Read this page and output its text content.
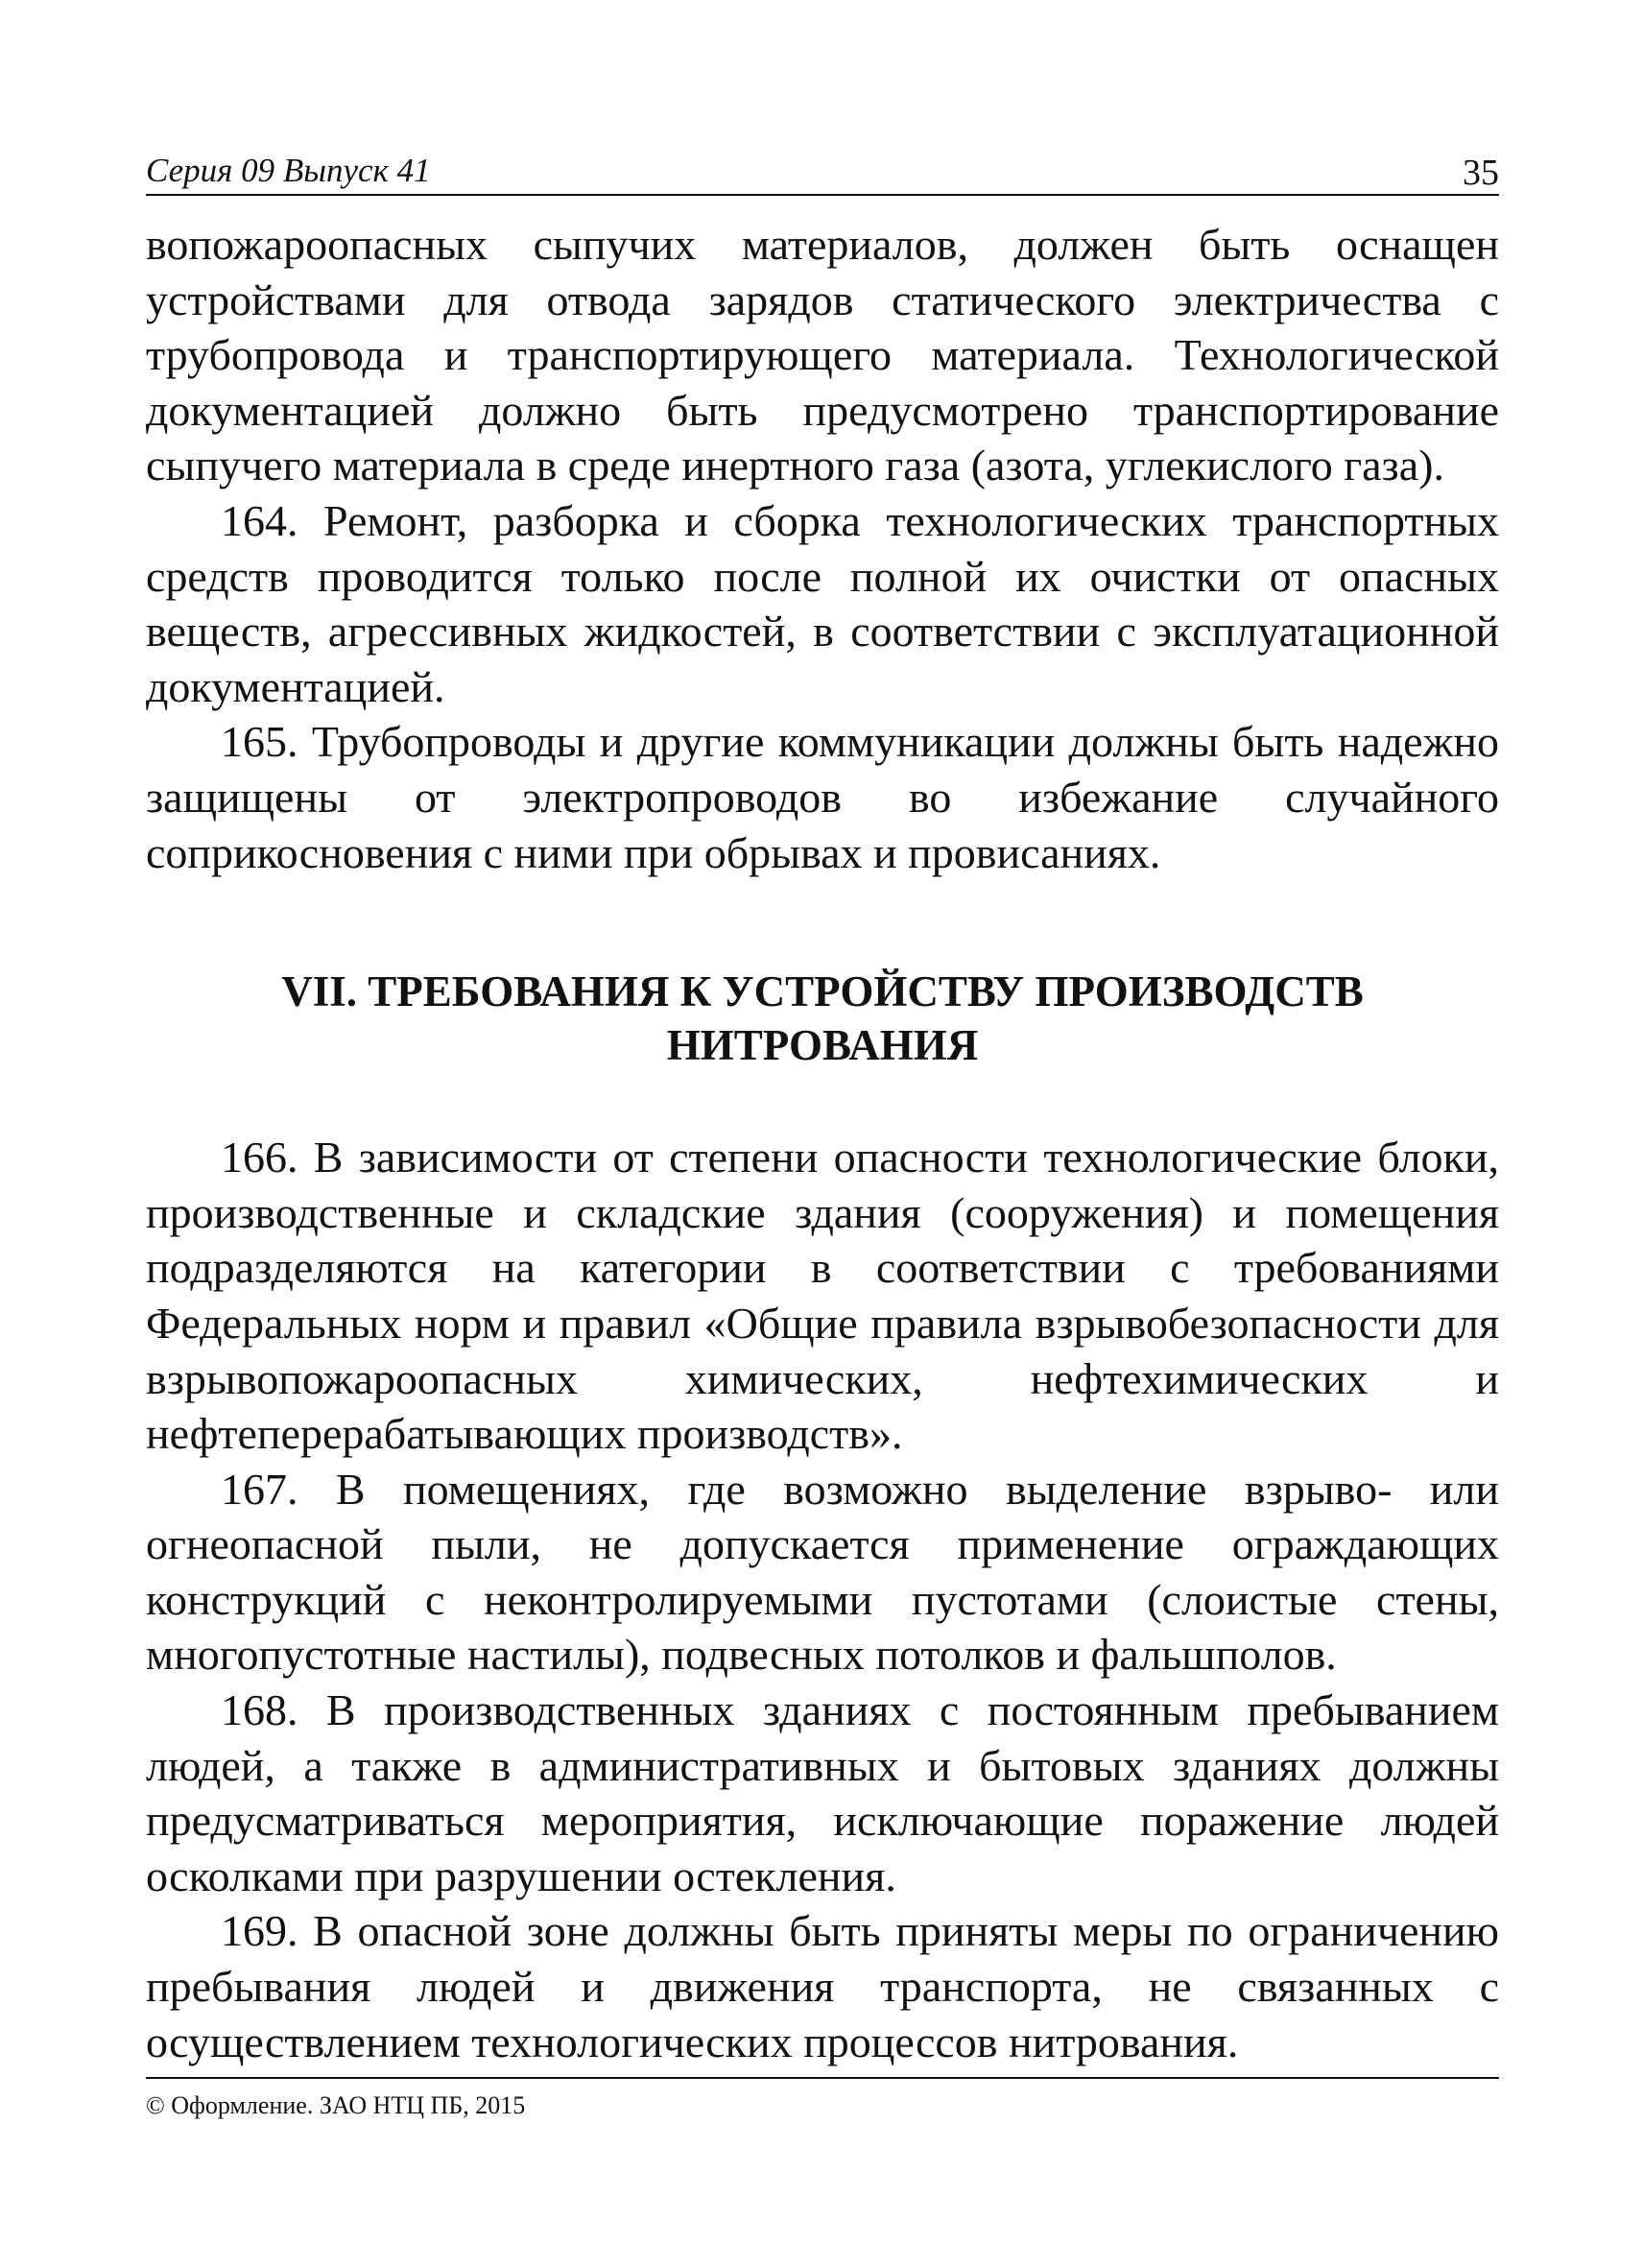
Серия 09 Выпуск 41	35

вопожароопасных сыпучих материалов, должен быть оснащен устройствами для отвода зарядов статического электричества с трубопровода и транспортирующего материала. Технологической документацией должно быть предусмотрено транспортирование сыпучего материала в среде инертного газа (азота, углекислого газа).

164. Ремонт, разборка и сборка технологических транспортных средств проводится только после полной их очистки от опасных веществ, агрессивных жидкостей, в соответствии с эксплуатационной документацией.

165. Трубопроводы и другие коммуникации должны быть надежно защищены от электропроводов во избежание случайного соприкосновения с ними при обрывах и провисаниях.

VII. ТРЕБОВАНИЯ К УСТРОЙСТВУ ПРОИЗВОДСТВ
НИТРОВАНИЯ

166. В зависимости от степени опасности технологические блоки, производственные и складские здания (сооружения) и помещения подразделяются на категории в соответствии с требованиями Федеральных норм и правил «Общие правила взрывобезопасности для взрывопожароопасных химических, нефтехимических и нефтеперерабатывающих производств».

167. В помещениях, где возможно выделение взрыво- или огнеопасной пыли, не допускается применение ограждающих конструкций с неконтролируемыми пустотами (слоистые стены, многопустотные настилы), подвесных потолков и фальшполов.

168. В производственных зданиях с постоянным пребыванием людей, а также в административных и бытовых зданиях должны предусматриваться мероприятия, исключающие поражение людей осколками при разрушении остекления.

169. В опасной зоне должны быть приняты меры по ограничению пребывания людей и движения транспорта, не связанных с осуществлением технологических процессов нитрования.

© Оформление. ЗАО НТЦ ПБ, 2015
